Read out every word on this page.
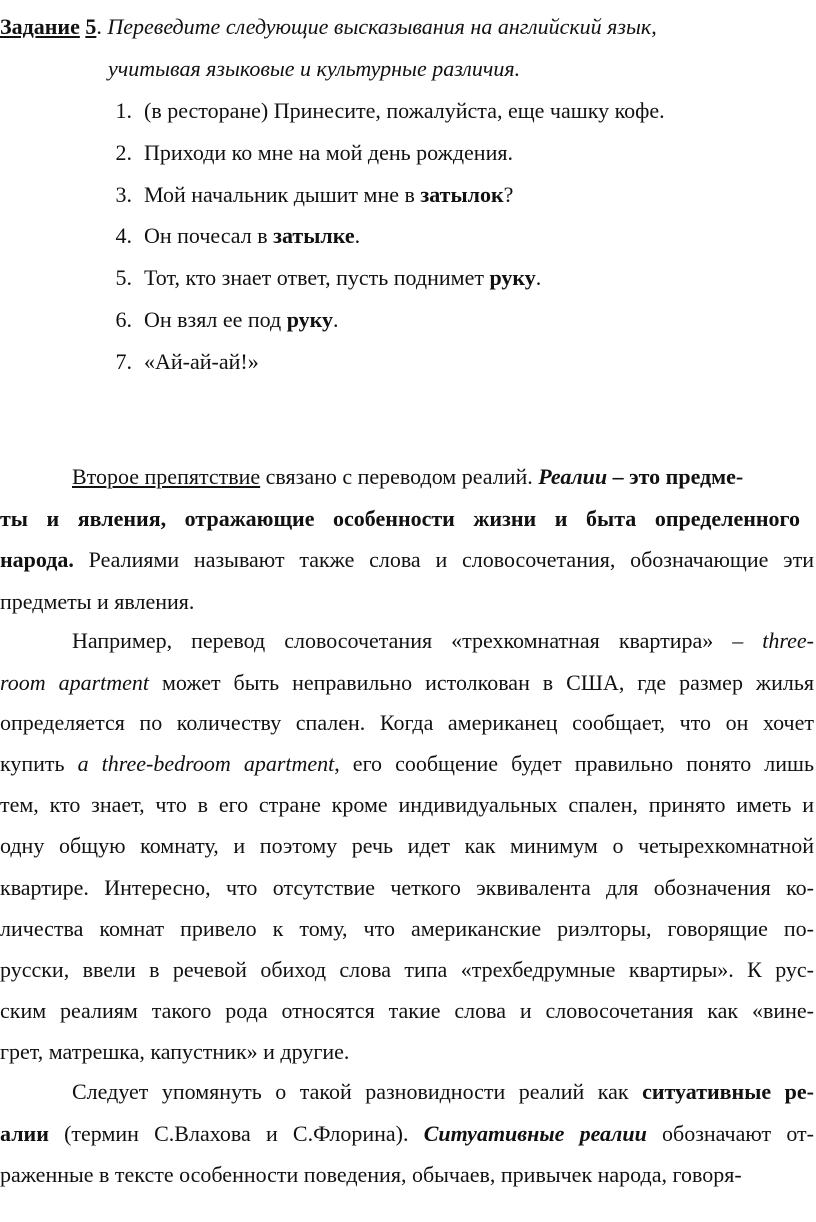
Задание 5. Переведите следующие высказывания на английский язык,
учитывая языковые и культурные различия.
1. (в ресторане) Принесите, пожалуйста, еще чашку кофе.
2. Приходи ко мне на мой день рождения.
3. Мой начальник дышит мне в затылок?
4. Он почесал в затылке.
5. Тот, кто знает ответ, пусть поднимет руку.
6. Он взял ее под руку.
7. «Ай-ай-ай!»
Второе препятствие связано с переводом реалий. Реалии – это предме-
ты и явления, отражающие особенности жизни и быта определенного
народа. Реалиями называют также слова и словосочетания, обозначающие эти
предметы и явления.
Например, перевод словосочетания «трехкомнатная квартира» – three-
room apartment может быть неправильно истолкован в США, где размер жилья
определяется по количеству спален. Когда американец сообщает, что он хочет
купить a three-bedroom apartment, его сообщение будет правильно понято лишь
тем, кто знает, что в его стране кроме индивидуальных спален, принято иметь и
одну общую комнату, и поэтому речь идет как минимум о четырехкомнатной
квартире. Интересно, что отсутствие четкого эквивалента для обозначения ко-
личества комнат привело к тому, что американские риэлторы, говорящие по-
русски, ввели в речевой обиход слова типа «трехбедрумные квартиры». К рус-
ским реалиям такого рода относятся такие слова и словосочетания как «вине-
грет, матрешка, капустник» и другие.
Следует упомянуть о такой разновидности реалий как ситуативные ре-
алии (термин С.Влахова и С.Флорина). Ситуативные реалии обозначают от-
раженные в тексте особенности поведения, обычаев, привычек народа, говоря-
